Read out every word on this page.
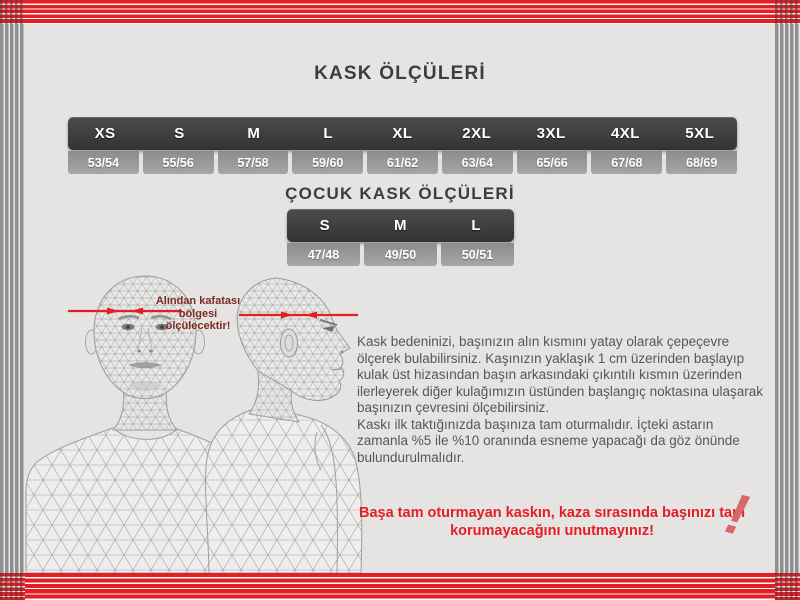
KASK ÖLÇÜLERİ
ÇOCUK KASK ÖLÇÜLERİ
XS	S	M	L	XL	2XL	3XL	4XL	5XL
53/54	55/56	57/58	59/60	61/62	63/64	65/66	67/68	68/69
S	M	L
47/48	49/50	50/51
Alından kafatası bölgesi ölçülecektir!

Kask bedeninizi, başınızın alın kısmını yatay olarak çepeçevre ölçerek bulabilirsiniz. Kaşınızın yaklaşık 1 cm üzerinden başlayıp kulak üst hizasından başın arkasındaki çıkıntılı kısmın üzerinden ilerleyerek diğer kulağımızın üstünden başlangıç noktasına ulaşarak başınızın çevresini ölçebilirsiniz.

Kaskı ilk taktığınızda başınıza tam oturmalıdır. İçteki astarın zamanla %5 ile %10 oranında esneme yapacağı da göz önünde bulundurulmalıdır.

Başa tam oturmayan kaskın, kaza sırasında başınızı tam korumayacağını unutmayınız!	!
